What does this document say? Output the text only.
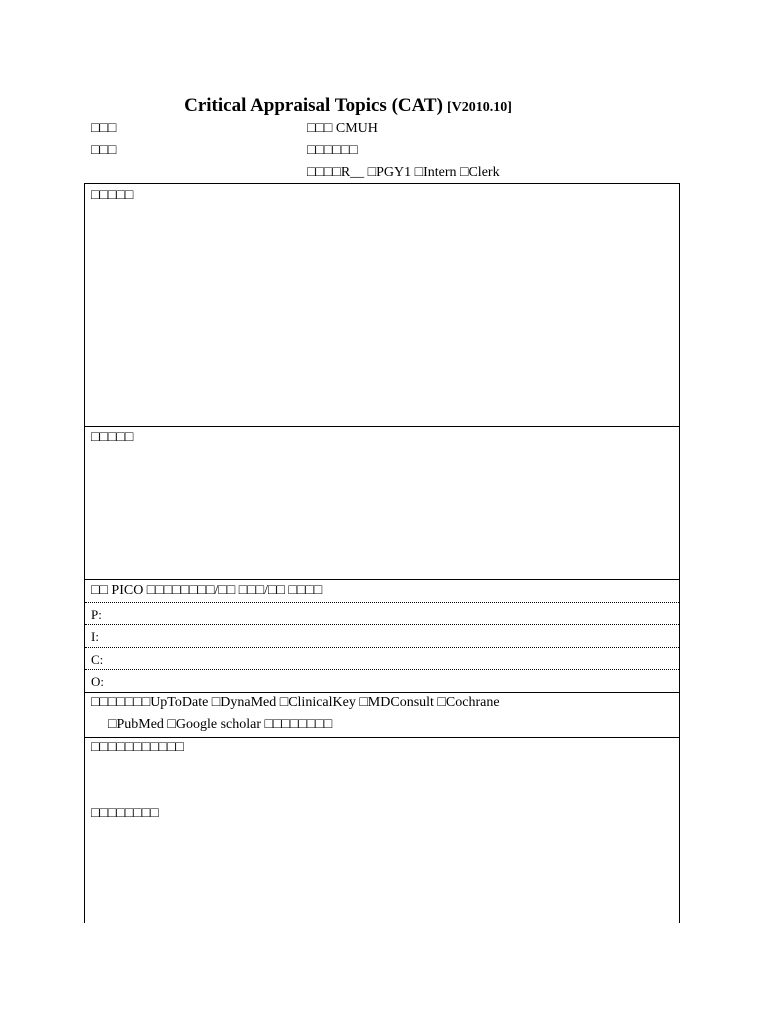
Critical Appraisal Topics (CAT) [V2010.10]
□□□
□□□
□□□ CMUH
□□□□□□
□□□□R__ □PGY1 □Intern □Clerk
□□□□□
□□□□□
□□ PICO □□□□□□□□/□□ □□□/□□ □□□□
P:
I:
C:
O:
□□□□□□□UpToDate □DynaMed □ClinicalKey □MDConsult □Cochrane
□PubMed □Google scholar □□□□□□□□
□□□□□□□□□□□
□□□□□□□□
